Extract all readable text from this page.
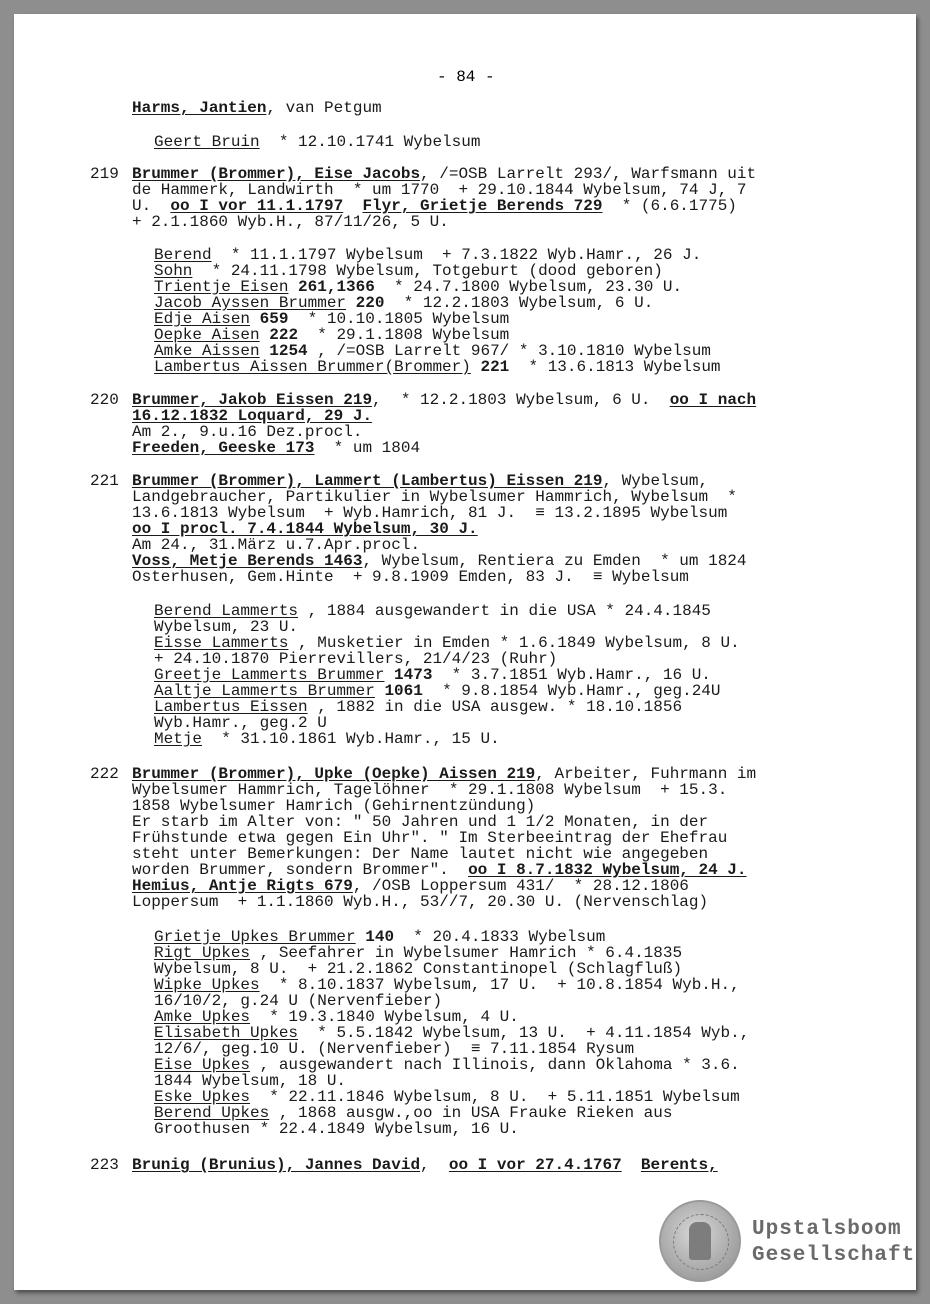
- 84 -
Harms, Jantien, van Petgum
Geert Bruin  * 12.10.1741 Wybelsum
Brummer (Brommer), Eise Jacobs, /=OSB Larrelt 293/, Warfsmann uit
de Hammerk, Landwirth  * um 1770  + 29.10.1844 Wybelsum, 74 J, 7
U.  oo I vor 11.1.1797 Flyr, Grietje Berends 729  * (6.6.1775)
+ 2.1.1860 Wyb.H., 87/11/26, 5 U.
Berend  * 11.1.1797 Wybelsum  + 7.3.1822 Wyb.Hamr., 26 J.
Sohn  * 24.11.1798 Wybelsum, Totgeburt (dood geboren)
Trientje Eisen 261,1366  * 24.7.1800 Wybelsum, 23.30 U.
Jacob Ayssen Brummer 220  * 12.2.1803 Wybelsum, 6 U.
Edje Aisen 659  * 10.10.1805 Wybelsum
Oepke Aisen 222  * 29.1.1808 Wybelsum
Amke Aissen 1254 , /=OSB Larrelt 967/ * 3.10.1810 Wybelsum
Lambertus Aissen Brummer(Brommer) 221  * 13.6.1813 Wybelsum
Brummer, Jakob Eissen 219,  * 12.2.1803 Wybelsum, 6 U.  oo I nach
16.12.1832 Loquard, 29 J.
Am 2., 9.u.16 Dez.procl.
Freeden, Geeske 173  * um 1804
Brummer (Brommer), Lammert (Lambertus) Eissen 219, Wybelsum,
Landgebraucher, Partikulier in Wybelsumer Hammrich, Wybelsum  *
13.6.1813 Wybelsum  + Wyb.Hamrich, 81 J.  ≡ 13.2.1895 Wybelsum
oo I procl. 7.4.1844 Wybelsum, 30 J.
Am 24., 31.März u.7.Apr.procl.
Voss, Metje Berends 1463, Wybelsum, Rentiera zu Emden  * um 1824
Osterhusen, Gem.Hinte  + 9.8.1909 Emden, 83 J.  ≡ Wybelsum
Berend Lammerts , 1884 ausgewandert in die USA * 24.4.1845
Wybelsum, 23 U.
Eisse Lammerts , Musketier in Emden * 1.6.1849 Wybelsum, 8 U.
+ 24.10.1870 Pierrevillers, 21/4/23 (Ruhr)
Greetje Lammerts Brummer 1473  * 3.7.1851 Wyb.Hamr., 16 U.
Aaltje Lammerts Brummer 1061  * 9.8.1854 Wyb.Hamr., geg.24U
Lambertus Eissen , 1882 in die USA ausgew. * 18.10.1856
Wyb.Hamr., geg.2 U
Metje  * 31.10.1861 Wyb.Hamr., 15 U.
Brummer (Brommer), Upke (Oepke) Aissen 219, Arbeiter, Fuhrmann im
Wybelsumer Hammrich, Tagelöhner  * 29.1.1808 Wybelsum  + 15.3.
1858 Wybelsumer Hamrich (Gehirnentzündung)
Er starb im Alter von: " 50 Jahren und 1 1/2 Monaten, in der
Frühstunde etwa gegen Ein Uhr". " Im Sterbeeintrag der Ehefrau
steht unter Bemerkungen: Der Name lautet nicht wie angegeben
worden Brummer, sondern Brommer".  oo I 8.7.1832 Wybelsum, 24 J.
Hemius, Antje Rigts 679, /OSB Loppersum 431/  * 28.12.1806
Loppersum  + 1.1.1860 Wyb.H., 53//7, 20.30 U. (Nervenschlag)
Grietje Upkes Brummer 140  * 20.4.1833 Wybelsum
Rigt Upkes , Seefahrer in Wybelsumer Hamrich * 6.4.1835
Wybelsum, 8 U.  + 21.2.1862 Constantinopel (Schlagfluß)
Wipke Upkes  * 8.10.1837 Wybelsum, 17 U.  + 10.8.1854 Wyb.H.,
16/10/2, g.24 U (Nervenfieber)
Amke Upkes  * 19.3.1840 Wybelsum, 4 U.
Elisabeth Upkes  * 5.5.1842 Wybelsum, 13 U.  + 4.11.1854 Wyb.,
12/6/, geg.10 U. (Nervenfieber)  ≡ 7.11.1854 Rysum
Eise Upkes , ausgewandert nach Illinois, dann Oklahoma * 3.6.
1844 Wybelsum, 18 U.
Eske Upkes  * 22.11.1846 Wybelsum, 8 U.  + 5.11.1851 Wybelsum
Berend Upkes , 1868 ausgw.,oo in USA Frauke Rieken aus
Groothusen * 22.4.1849 Wybelsum, 16 U.
Brunig (Brunius), Jannes David,  oo I vor 27.4.1767 Berents,
219
220
221
222
223
Upstalsboom
Gesellschaft
